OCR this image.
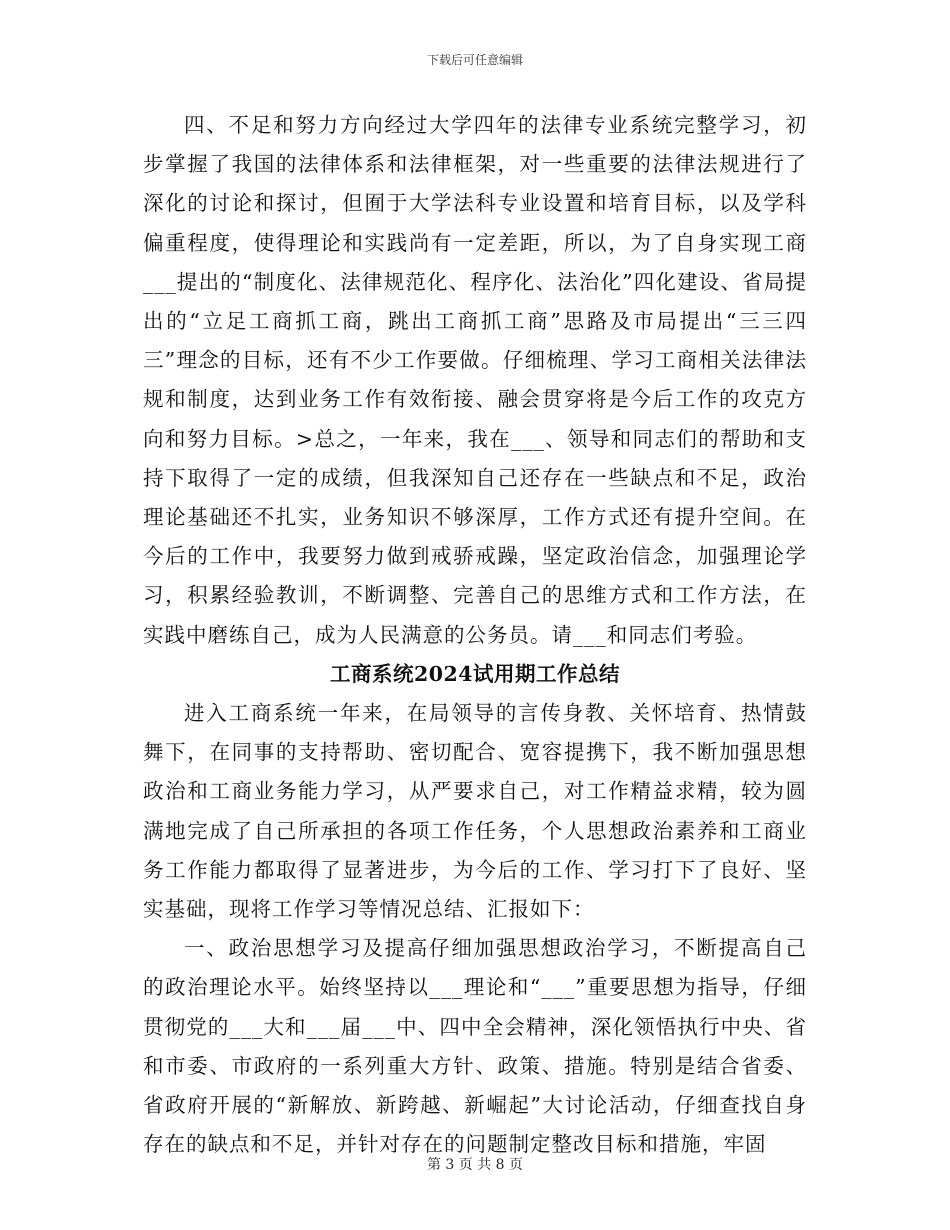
下载后可任意编辑

四、不足和努力方向经过大学四年的法律专业系统完整学习，初步掌握了我国的法律体系和法律框架，对一些重要的法律法规进行了深化的讨论和探讨，但囿于大学法科专业设置和培育目标，以及学科偏重程度，使得理论和实践尚有一定差距，所以，为了自身实现工商___提出的“制度化、法律规范化、程序化、法治化”四化建设、省局提出的“立足工商抓工商，跳出工商抓工商”思路及市局提出“三三四三”理念的目标，还有不少工作要做。仔细梳理、学习工商相关法律法规和制度，达到业务工作有效衔接、融会贯穿将是今后工作的攻克方向和努力目标。>总之，一年来，我在___、领导和同志们的帮助和支持下取得了一定的成绩，但我深知自己还存在一些缺点和不足，政治理论基础还不扎实，业务知识不够深厚，工作方式还有提升空间。在今后的工作中，我要努力做到戒骄戒躁，坚定政治信念，加强理论学习，积累经验教训，不断调整、完善自己的思维方式和工作方法，在实践中磨练自己，成为人民满意的公务员。请___和同志们考验。

工商系统2024试用期工作总结

进入工商系统一年来，在局领导的言传身教、关怀培育、热情鼓舞下，在同事的支持帮助、密切配合、宽容提携下，我不断加强思想政治和工商业务能力学习，从严要求自己，对工作精益求精，较为圆满地完成了自己所承担的各项工作任务，个人思想政治素养和工商业务工作能力都取得了显著进步，为今后的工作、学习打下了良好、坚实基础，现将工作学习等情况总结、汇报如下：

一、政治思想学习及提高仔细加强思想政治学习，不断提高自己的政治理论水平。始终坚持以___理论和“___”重要思想为指导，仔细贯彻党的___大和___届___中、四中全会精神，深化领悟执行中央、省和市委、市政府的一系列重大方针、政策、措施。特别是结合省委、省政府开展的“新解放、新跨越、新崛起”大讨论活动，仔细查找自身存在的缺点和不足，并针对存在的问题制定整改目标和措施，牢固

第 3 页 共 8 页
